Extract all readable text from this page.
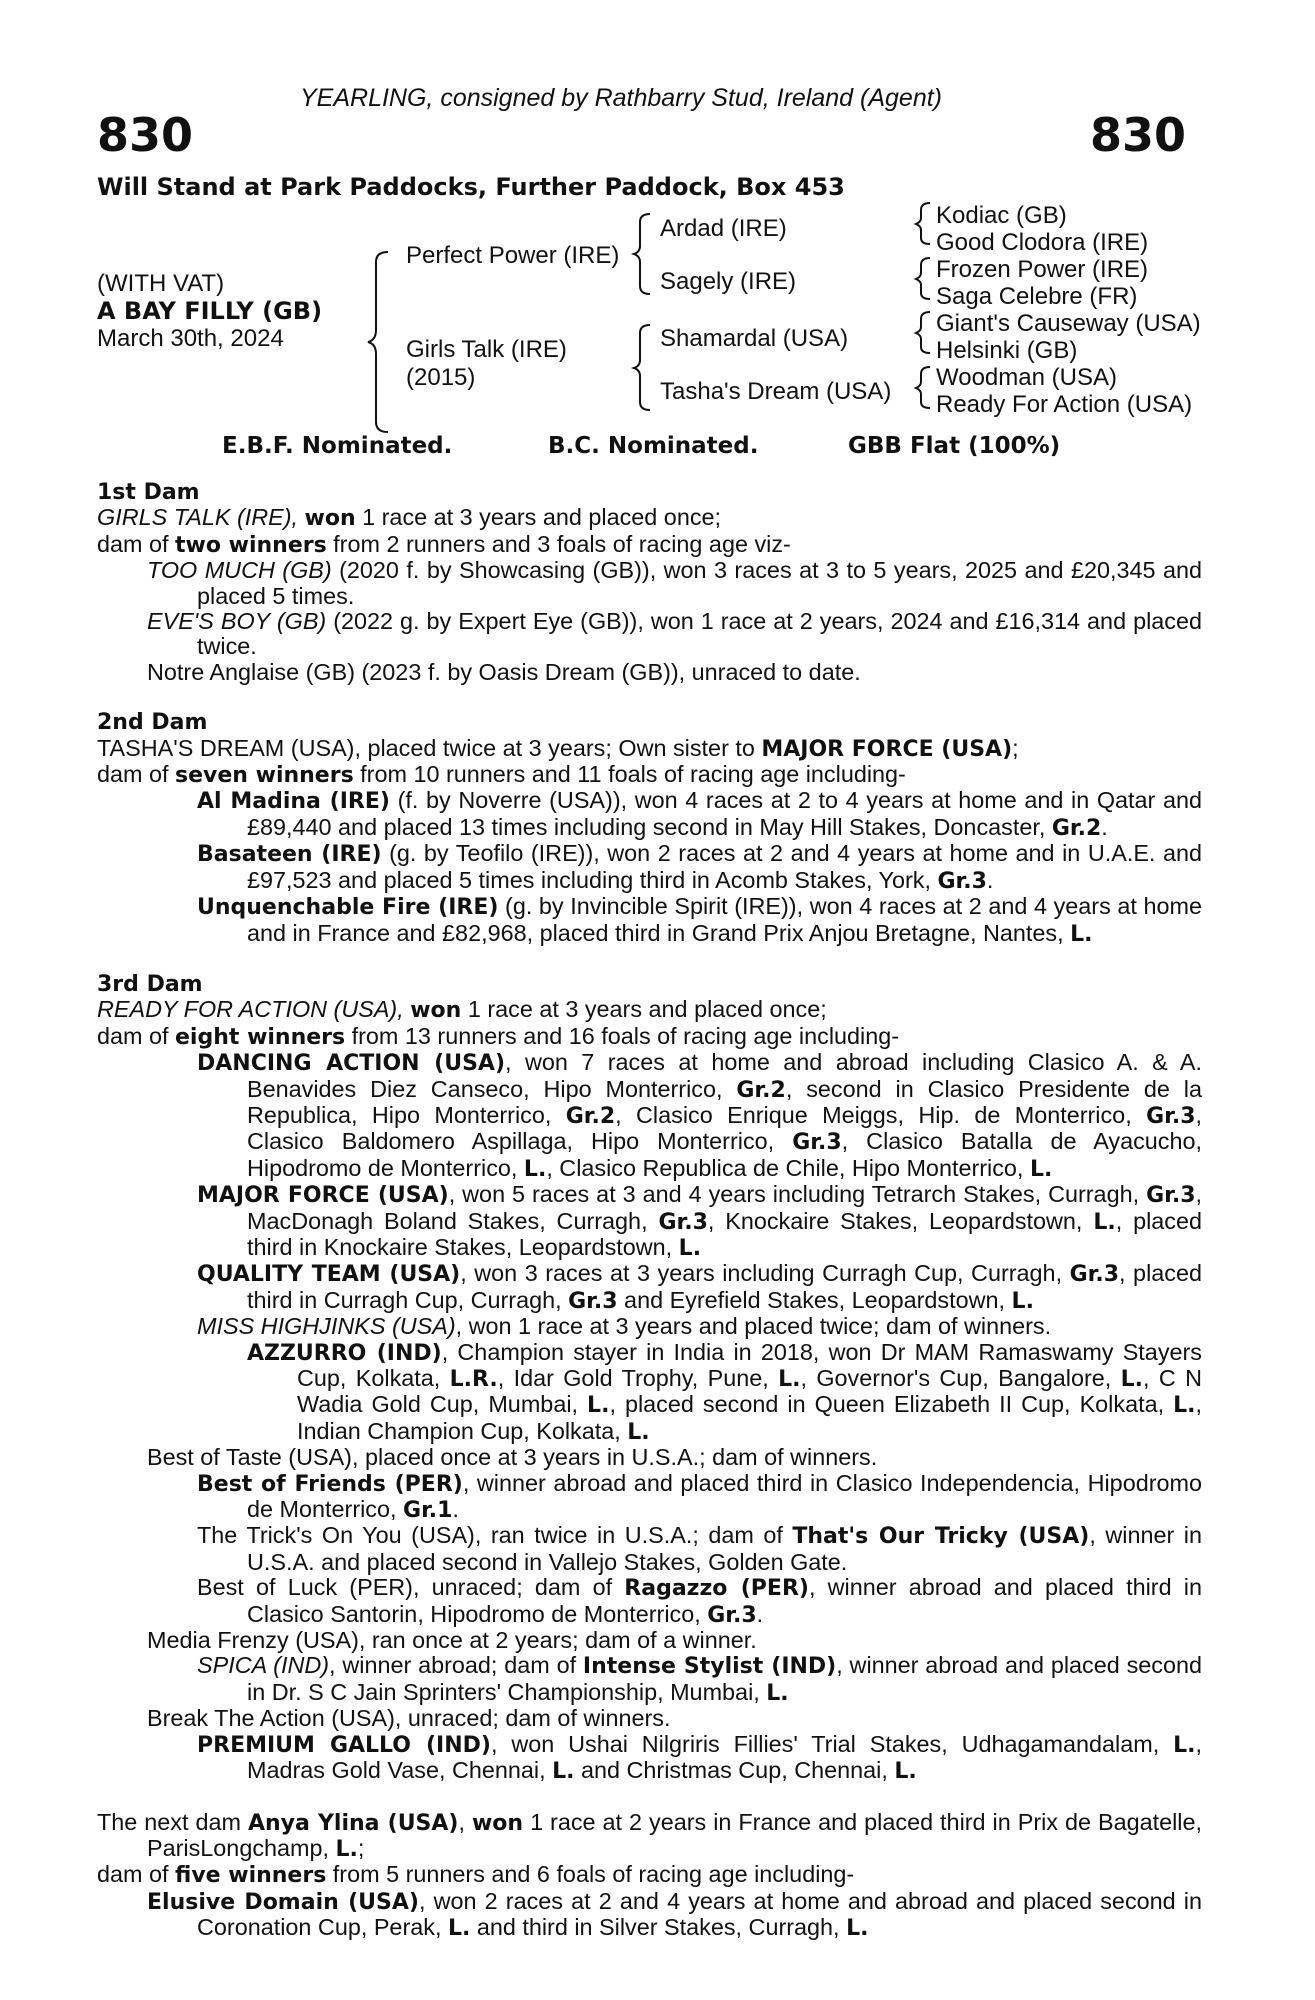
YEARLING, consigned by Rathbarry Stud, Ireland (Agent)
830	830
Will Stand at Park Paddocks, Further Paddock, Box 453
(WITH VAT)
A BAY FILLY (GB)
March 30th, 2024
Perfect Power (IRE)
Girls Talk (IRE)
(2015)
Ardad (IRE)
Sagely (IRE)
Shamardal (USA)
Tasha's Dream (USA)
Kodiac (GB)
Good Clodora (IRE)
Frozen Power (IRE)
Saga Celebre (FR)
Giant's Causeway (USA)
Helsinki (GB)
Woodman (USA)
Ready For Action (USA)
E.B.F. Nominated.	B.C. Nominated.	GBB Flat (100%)

1st Dam

GIRLS TALK (IRE), won 1 race at 3 years and placed once;

dam of two winners from 2 runners and 3 foals of racing age viz-

TOO MUCH (GB) (2020 f. by Showcasing (GB)), won 3 races at 3 to 5 years, 2025 and £20,345 and placed 5 times.

EVE'S BOY (GB) (2022 g. by Expert Eye (GB)), won 1 race at 2 years, 2024 and £16,314 and placed twice.

Notre Anglaise (GB) (2023 f. by Oasis Dream (GB)), unraced to date.

2nd Dam

TASHA'S DREAM (USA), placed twice at 3 years; Own sister to MAJOR FORCE (USA);

dam of seven winners from 10 runners and 11 foals of racing age including-

Al Madina (IRE) (f. by Noverre (USA)), won 4 races at 2 to 4 years at home and in Qatar and £89,440 and placed 13 times including second in May Hill Stakes, Doncaster, Gr.2.

Basateen (IRE) (g. by Teofilo (IRE)), won 2 races at 2 and 4 years at home and in U.A.E. and £97,523 and placed 5 times including third in Acomb Stakes, York, Gr.3.

Unquenchable Fire (IRE) (g. by Invincible Spirit (IRE)), won 4 races at 2 and 4 years at home and in France and £82,968, placed third in Grand Prix Anjou Bretagne, Nantes, L.

3rd Dam

READY FOR ACTION (USA), won 1 race at 3 years and placed once;

dam of eight winners from 13 runners and 16 foals of racing age including-

DANCING ACTION (USA), won 7 races at home and abroad including Clasico A. & A. Benavides Diez Canseco, Hipo Monterrico, Gr.2, second in Clasico Presidente de la Republica, Hipo Monterrico, Gr.2, Clasico Enrique Meiggs, Hip. de Monterrico, Gr.3, Clasico Baldomero Aspillaga, Hipo Monterrico, Gr.3, Clasico Batalla de Ayacucho, Hipodromo de Monterrico, L., Clasico Republica de Chile, Hipo Monterrico, L.

MAJOR FORCE (USA), won 5 races at 3 and 4 years including Tetrarch Stakes, Curragh, Gr.3, MacDonagh Boland Stakes, Curragh, Gr.3, Knockaire Stakes, Leopardstown, L., placed third in Knockaire Stakes, Leopardstown, L.

QUALITY TEAM (USA), won 3 races at 3 years including Curragh Cup, Curragh, Gr.3, placed third in Curragh Cup, Curragh, Gr.3 and Eyrefield Stakes, Leopardstown, L.

MISS HIGHJINKS (USA), won 1 race at 3 years and placed twice; dam of winners.

AZZURRO (IND), Champion stayer in India in 2018, won Dr MAM Ramaswamy Stayers Cup, Kolkata, L.R., Idar Gold Trophy, Pune, L., Governor's Cup, Bangalore, L., C N Wadia Gold Cup, Mumbai, L., placed second in Queen Elizabeth II Cup, Kolkata, L., Indian Champion Cup, Kolkata, L.

Best of Taste (USA), placed once at 3 years in U.S.A.; dam of winners.

Best of Friends (PER), winner abroad and placed third in Clasico Independencia, Hipodromo de Monterrico, Gr.1.

The Trick's On You (USA), ran twice in U.S.A.; dam of That's Our Tricky (USA), winner in U.S.A. and placed second in Vallejo Stakes, Golden Gate.

Best of Luck (PER), unraced; dam of Ragazzo (PER), winner abroad and placed third in Clasico Santorin, Hipodromo de Monterrico, Gr.3.

Media Frenzy (USA), ran once at 2 years; dam of a winner.

SPICA (IND), winner abroad; dam of Intense Stylist (IND), winner abroad and placed second in Dr. S C Jain Sprinters' Championship, Mumbai, L.

Break The Action (USA), unraced; dam of winners.

PREMIUM GALLO (IND), won Ushai Nilgriris Fillies' Trial Stakes, Udhagamandalam, L., Madras Gold Vase, Chennai, L. and Christmas Cup, Chennai, L.

The next dam Anya Ylina (USA), won 1 race at 2 years in France and placed third in Prix de Bagatelle, ParisLongchamp, L.;

dam of five winners from 5 runners and 6 foals of racing age including-

Elusive Domain (USA), won 2 races at 2 and 4 years at home and abroad and placed second in Coronation Cup, Perak, L. and third in Silver Stakes, Curragh, L.
